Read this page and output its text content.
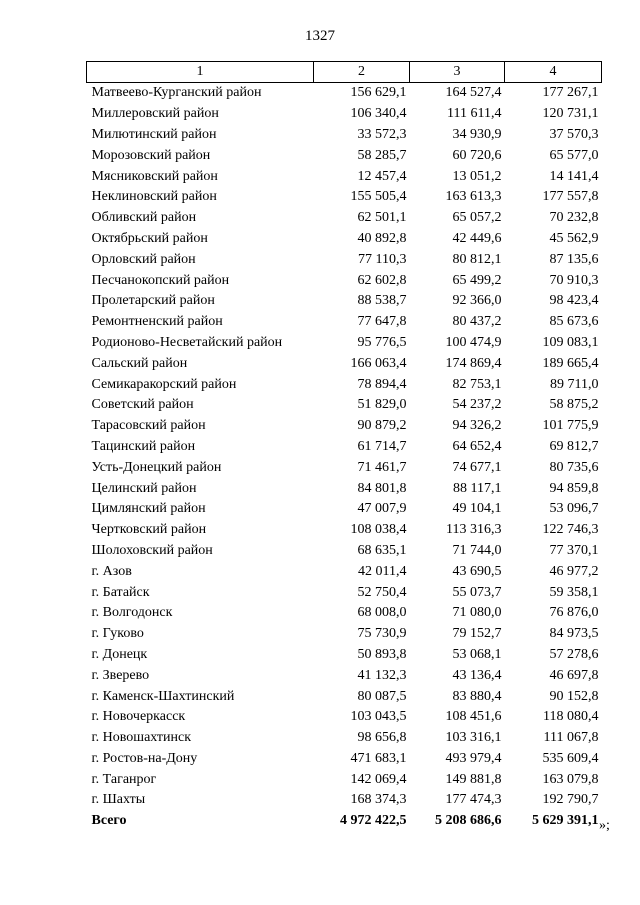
1327
1	2	3	4
Матвеево-Курганский район	156 629,1	164 527,4	177 267,1
Миллеровский район	106 340,4	111 611,4	120 731,1
Милютинский район	33 572,3	34 930,9	37 570,3
Морозовский район	58 285,7	60 720,6	65 577,0
Мясниковский район	12 457,4	13 051,2	14 141,4
Неклиновский район	155 505,4	163 613,3	177 557,8
Обливский район	62 501,1	65 057,2	70 232,8
Октябрьский район	40 892,8	42 449,6	45 562,9
Орловский район	77 110,3	80 812,1	87 135,6
Песчанокопский район	62 602,8	65 499,2	70 910,3
Пролетарский район	88 538,7	92 366,0	98 423,4
Ремонтненский район	77 647,8	80 437,2	85 673,6
Родионово-Несветайский район	95 776,5	100 474,9	109 083,1
Сальский район	166 063,4	174 869,4	189 665,4
Семикаракорский район	78 894,4	82 753,1	89 711,0
Советский район	51 829,0	54 237,2	58 875,2
Тарасовский район	90 879,2	94 326,2	101 775,9
Тацинский район	61 714,7	64 652,4	69 812,7
Усть-Донецкий район	71 461,7	74 677,1	80 735,6
Целинский район	84 801,8	88 117,1	94 859,8
Цимлянский район	47 007,9	49 104,1	53 096,7
Чертковский район	108 038,4	113 316,3	122 746,3
Шолоховский район	68 635,1	71 744,0	77 370,1
г. Азов	42 011,4	43 690,5	46 977,2
г. Батайск	52 750,4	55 073,7	59 358,1
г. Волгодонск	68 008,0	71 080,0	76 876,0
г. Гуково	75 730,9	79 152,7	84 973,5
г. Донецк	50 893,8	53 068,1	57 278,6
г. Зверево	41 132,3	43 136,4	46 697,8
г. Каменск-Шахтинский	80 087,5	83 880,4	90 152,8
г. Новочеркасск	103 043,5	108 451,6	118 080,4
г. Новошахтинск	98 656,8	103 316,1	111 067,8
г. Ростов-на-Дону	471 683,1	493 979,4	535 609,4
г. Таганрог	142 069,4	149 881,8	163 079,8
г. Шахты	168 374,3	177 474,3	192 790,7
Всего	4 972 422,5	5 208 686,6	5 629 391,1 »;
